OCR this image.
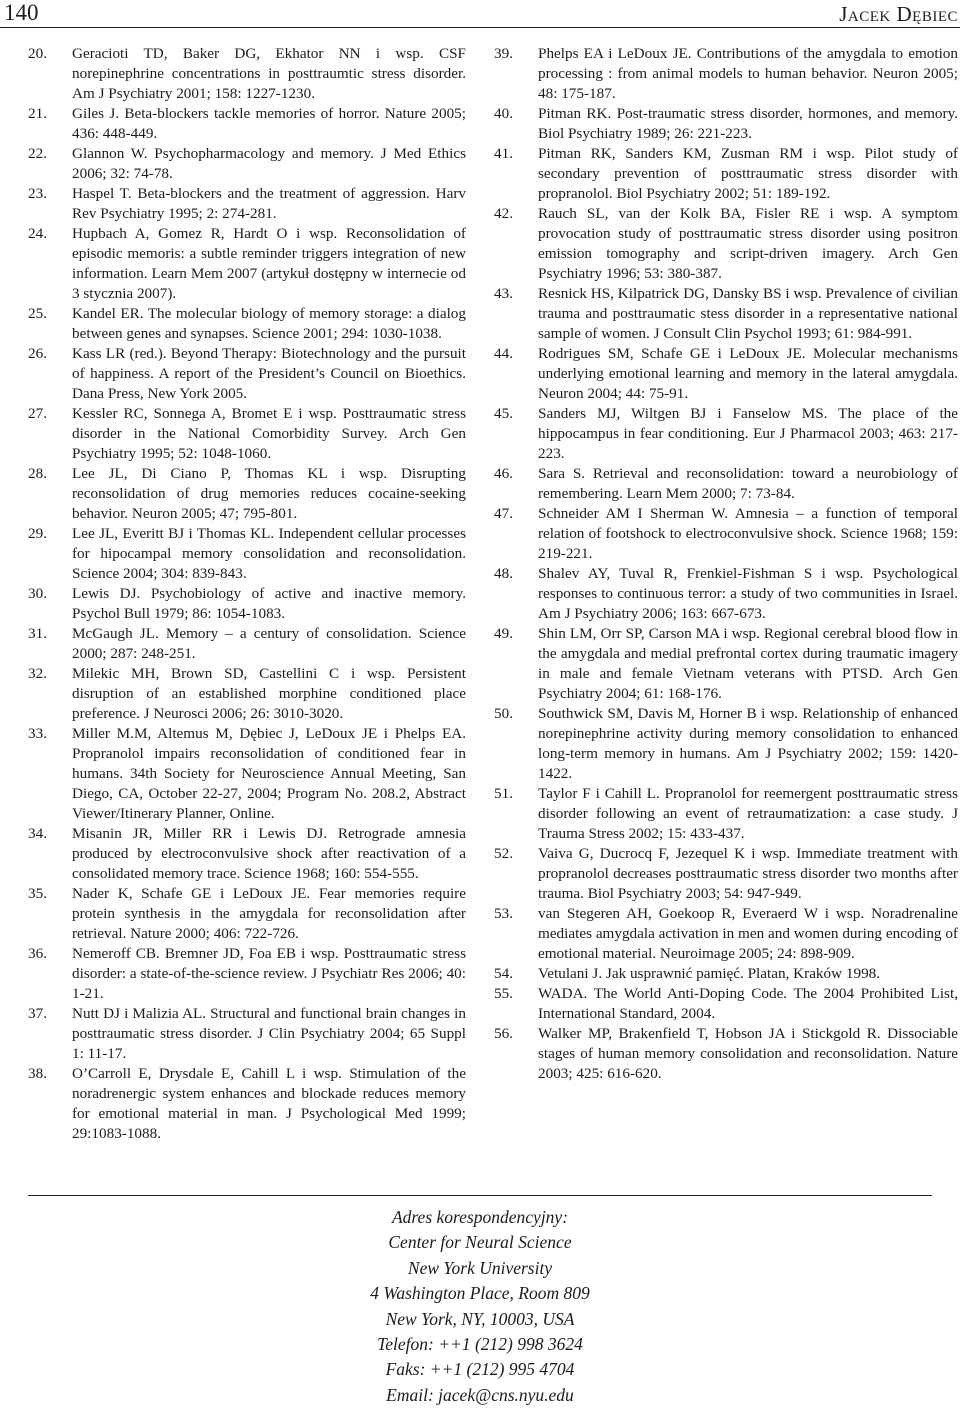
140	Jacek Dębiec
20.	Geracioti TD, Baker DG, Ekhator NN i wsp. CSF norepinephrine concentrations in posttraumtic stress disorder. Am J Psychiatry 2001; 158: 1227-1230.
21.	Giles J. Beta-blockers tackle memories of horror. Nature 2005; 436: 448-449.
22.	Glannon W. Psychopharmacology and memory. J Med Ethics 2006; 32: 74-78.
23.	Haspel T. Beta-blockers and the treatment of aggression. Harv Rev Psychiatry 1995; 2: 274-281.
24.	Hupbach A, Gomez R, Hardt O i wsp. Reconsolidation of episodic memoris: a subtle reminder triggers integration of new information. Learn Mem 2007 (artykuł dostępny w internecie od 3 stycznia 2007).
25.	Kandel ER. The molecular biology of memory storage: a dialog between genes and synapses. Science 2001; 294: 1030-1038.
26.	Kass LR (red.). Beyond Therapy: Biotechnology and the pursuit of happiness. A report of the President’s Council on Bioethics. Dana Press, New York 2005.
27.	Kessler RC, Sonnega A, Bromet E i wsp. Posttraumatic stress disorder in the National Comorbidity Survey. Arch Gen Psychiatry 1995; 52: 1048-1060.
28.	Lee JL, Di Ciano P, Thomas KL i wsp. Disrupting reconsolidation of drug memories reduces cocaine-seeking behavior. Neuron 2005; 47; 795-801.
29.	Lee JL, Everitt BJ i Thomas KL. Independent cellular processes for hipocampal memory consolidation and reconsolidation. Science 2004; 304: 839-843.
30.	Lewis DJ. Psychobiology of active and inactive memory. Psychol Bull 1979; 86: 1054-1083.
31.	McGaugh JL. Memory – a century of consolidation. Science 2000; 287: 248-251.
32.	Milekic MH, Brown SD, Castellini C i wsp. Persistent disruption of an established morphine conditioned place preference. J Neurosci 2006; 26: 3010-3020.
33.	Miller M.M, Altemus M, Dębiec J, LeDoux JE i Phelps EA. Propranolol impairs reconsolidation of conditioned fear in humans. 34th Society for Neuroscience Annual Meeting, San Diego, CA, October 22-27, 2004; Program No. 208.2, Abstract Viewer/Itinerary Planner, Online.
34.	Misanin JR, Miller RR i Lewis DJ. Retrograde amnesia produced by electroconvulsive shock after reactivation of a consolidated memory trace. Science 1968; 160: 554-555.
35.	Nader K, Schafe GE i LeDoux JE. Fear memories require protein synthesis in the amygdala for reconsolidation after retrieval. Nature 2000; 406: 722-726.
36.	Nemeroff CB. Bremner JD, Foa EB i wsp. Posttraumatic stress disorder: a state-of-the-science review. J Psychiatr Res 2006; 40: 1-21.
37.	Nutt DJ i Malizia AL. Structural and functional brain changes in posttraumatic stress disorder. J Clin Psychiatry 2004; 65 Suppl 1: 11-17.
38.	O’Carroll E, Drysdale E, Cahill L i wsp. Stimulation of the noradrenergic system enhances and blockade reduces memory for emotional material in man. J Psychological Med 1999; 29:1083-1088.
39.	Phelps EA i LeDoux JE. Contributions of the amygdala to emotion processing : from animal models to human behavior. Neuron 2005; 48: 175-187.
40.	Pitman RK. Post-traumatic stress disorder, hormones, and memory. Biol Psychiatry 1989; 26: 221-223.
41.	Pitman RK, Sanders KM, Zusman RM i wsp. Pilot study of secondary prevention of posttraumatic stress disorder with propranolol. Biol Psychiatry 2002; 51: 189-192.
42.	Rauch SL, van der Kolk BA, Fisler RE i wsp. A symptom provocation study of posttraumatic stress disorder using positron emission tomography and script-driven imagery. Arch Gen Psychiatry 1996; 53: 380-387.
43.	Resnick HS, Kilpatrick DG, Dansky BS i wsp. Prevalence of civilian trauma and posttraumatic stess disorder in a representative national sample of women. J Consult Clin Psychol 1993; 61: 984-991.
44.	Rodrigues SM, Schafe GE i LeDoux JE. Molecular mechanisms underlying emotional learning and memory in the lateral amygdala. Neuron 2004; 44: 75-91.
45.	Sanders MJ, Wiltgen BJ i Fanselow MS. The place of the hippocampus in fear conditioning. Eur J Pharmacol 2003; 463: 217-223.
46.	Sara S. Retrieval and reconsolidation: toward a neurobiology of remembering. Learn Mem 2000; 7: 73-84.
47.	Schneider AM I Sherman W. Amnesia – a function of temporal relation of footshock to electroconvulsive shock. Science 1968; 159: 219-221.
48.	Shalev AY, Tuval R, Frenkiel-Fishman S i wsp. Psychological responses to continuous terror: a study of two communities in Israel. Am J Psychiatry 2006; 163: 667-673.
49.	Shin LM, Orr SP, Carson MA i wsp. Regional cerebral blood flow in the amygdala and medial prefrontal cortex during traumatic imagery in male and female Vietnam veterans with PTSD. Arch Gen Psychiatry 2004; 61: 168-176.
50.	Southwick SM, Davis M, Horner B i wsp. Relationship of enhanced norepinephrine activity during memory consolidation to enhanced long-term memory in humans. Am J Psychiatry 2002; 159: 1420-1422.
51.	Taylor F i Cahill L. Propranolol for reemergent posttraumatic stress disorder following an event of retraumatization: a case study. J Trauma Stress 2002; 15: 433-437.
52.	Vaiva G, Ducrocq F, Jezequel K i wsp. Immediate treatment with propranolol decreases posttraumatic stress disorder two months after trauma. Biol Psychiatry 2003; 54: 947-949.
53.	van Stegeren AH, Goekoop R, Everaerd W i wsp. Noradrenaline mediates amygdala activation in men and women during encoding of emotional material. Neuroimage 2005; 24: 898-909.
54.	Vetulani J. Jak usprawnić pamięć. Platan, Kraków 1998.
55.	WADA. The World Anti-Doping Code. The 2004 Prohibited List, International Standard, 2004.
56.	Walker MP, Brakenfield T, Hobson JA i Stickgold R. Dissociable stages of human memory consolidation and reconsolidation. Nature 2003; 425: 616-620.
Adres korespondencyjny:
Center for Neural Science
New York University
4 Washington Place, Room 809
New York, NY, 10003, USA
Telefon: ++1 (212) 998 3624
Faks: ++1 (212) 995 4704
Email: jacek@cns.nyu.edu
